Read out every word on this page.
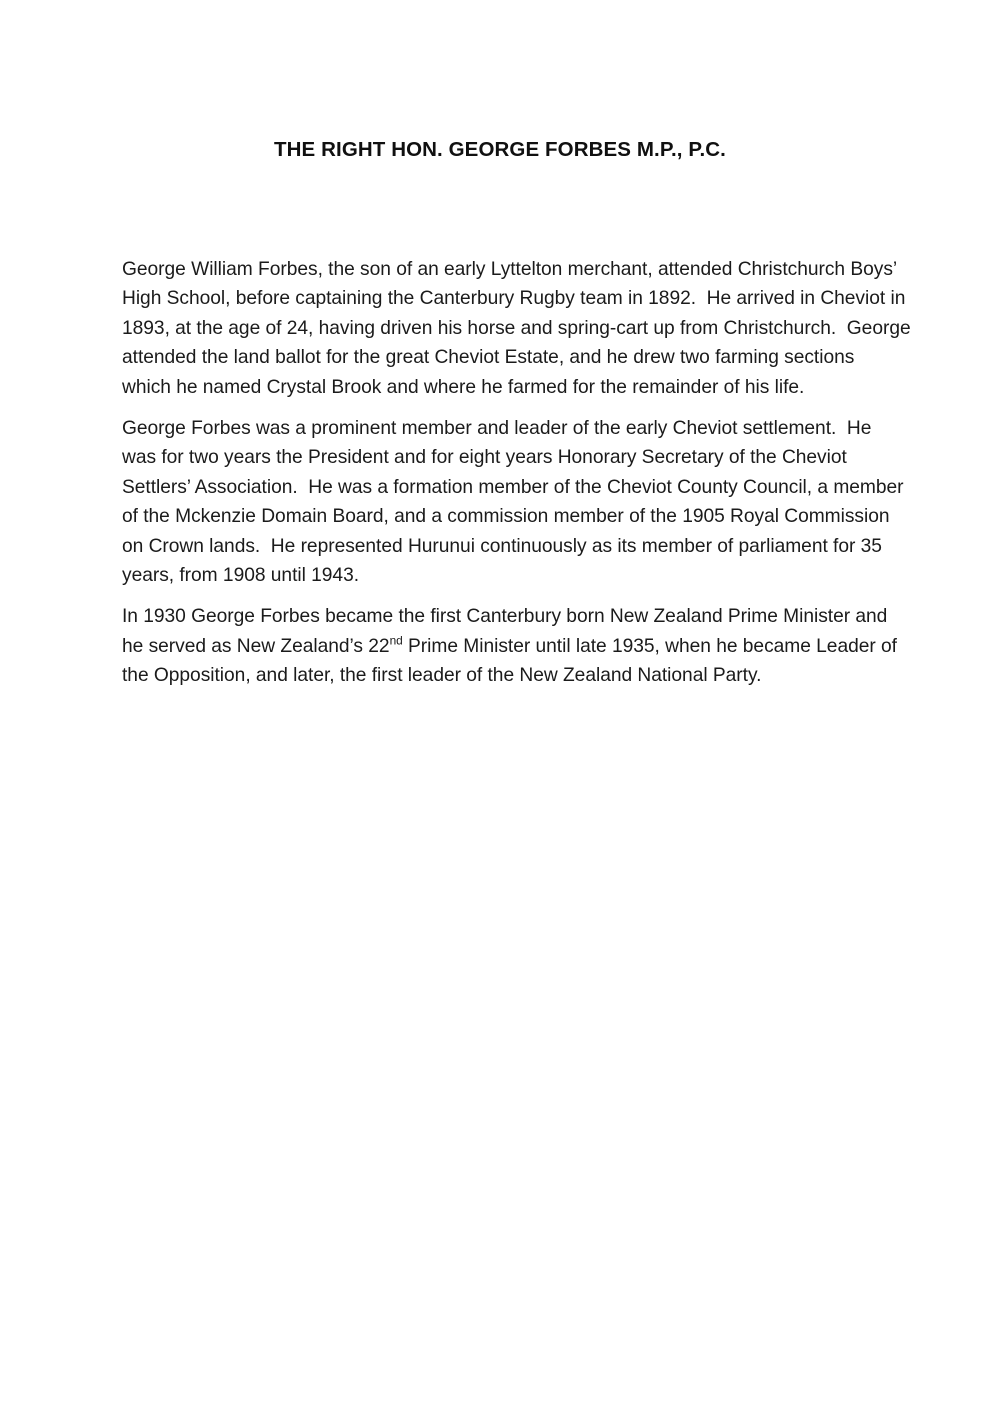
THE RIGHT HON. GEORGE FORBES M.P., P.C.

George William Forbes, the son of an early Lyttelton merchant, attended Christchurch Boys’
High School, before captaining the Canterbury Rugby team in 1892.  He arrived in Cheviot in
1893, at the age of 24, having driven his horse and spring-cart up from Christchurch.  George
attended the land ballot for the great Cheviot Estate, and he drew two farming sections
which he named Crystal Brook and where he farmed for the remainder of his life.

George Forbes was a prominent member and leader of the early Cheviot settlement.  He
was for two years the President and for eight years Honorary Secretary of the Cheviot
Settlers’ Association.  He was a formation member of the Cheviot County Council, a member
of the Mckenzie Domain Board, and a commission member of the 1905 Royal Commission
on Crown lands.  He represented Hurunui continuously as its member of parliament for 35
years, from 1908 until 1943.

In 1930 George Forbes became the first Canterbury born New Zealand Prime Minister and
he served as New Zealand’s 22nd Prime Minister until late 1935, when he became Leader of
the Opposition, and later, the first leader of the New Zealand National Party.
